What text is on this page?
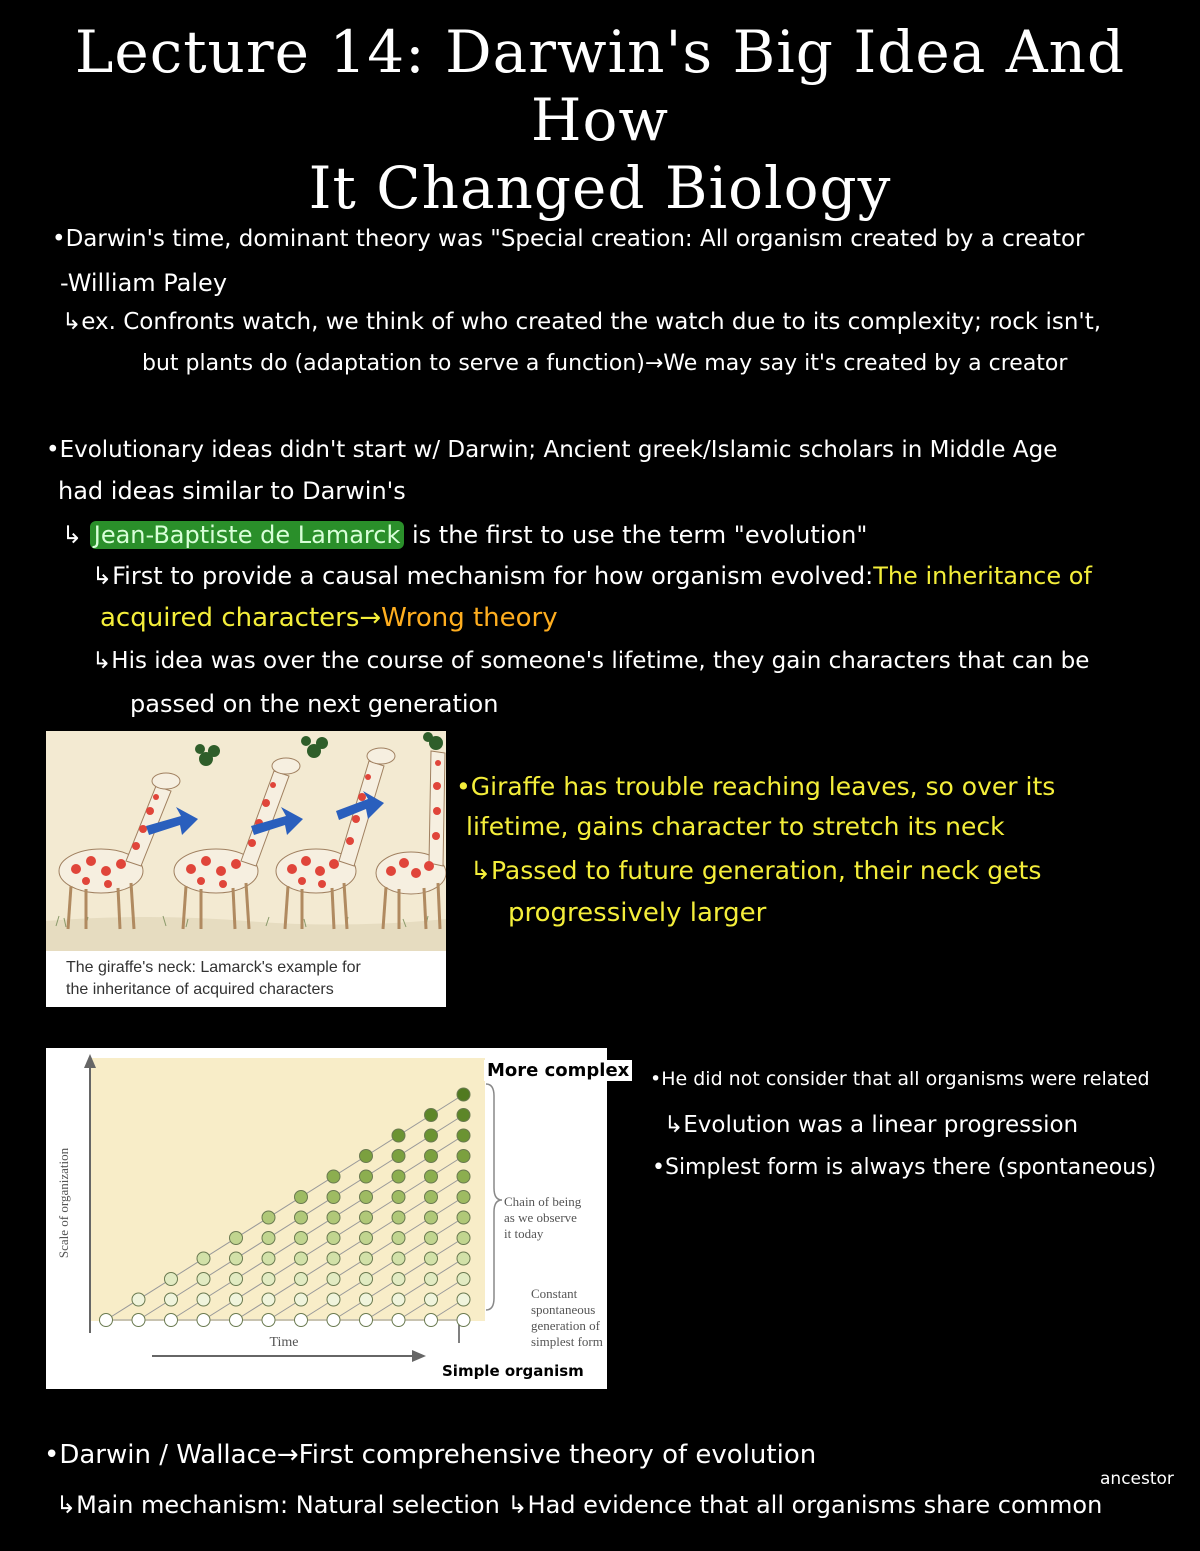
Lecture 14: Darwin's Big Idea And How
It Changed Biology
•Darwin's time, dominant theory was "Special creation: All organism created by a creator
-William Paley
↳ex. Confronts watch, we think of who created the watch due to its complexity; rock isn't,
but plants do (adaptation to serve a function)→We may say it's created by a creator
•Evolutionary ideas didn't start w/ Darwin; Ancient greek/Islamic scholars in Middle Age
had ideas similar to Darwin's
↳ Jean-Baptiste de Lamarck is the first to use the term "evolution"
↳First to provide a causal mechanism for how organism evolved:The inheritance of
acquired characters→Wrong theory
↳His idea was over the course of someone's lifetime, they gain characters that can be
passed on the next generation
The giraffe's neck: Lamarck's example for
the inheritance of acquired characters
•Giraffe has trouble reaching leaves, so over its
lifetime, gains character to stretch its neck
↳Passed to future generation, their neck gets
progressively larger
Scale of organization
Time
Chain of being
as we observe
it today
Constant
spontaneous
generation of
simplest form
More complex
Simple organism
•He did not consider that all organisms were related
↳Evolution was a linear progression
•Simplest form is always there (spontaneous)
•Darwin / Wallace→First comprehensive theory of evolution
ancestor
↳Main mechanism: Natural selection ↳Had evidence that all organisms share common
